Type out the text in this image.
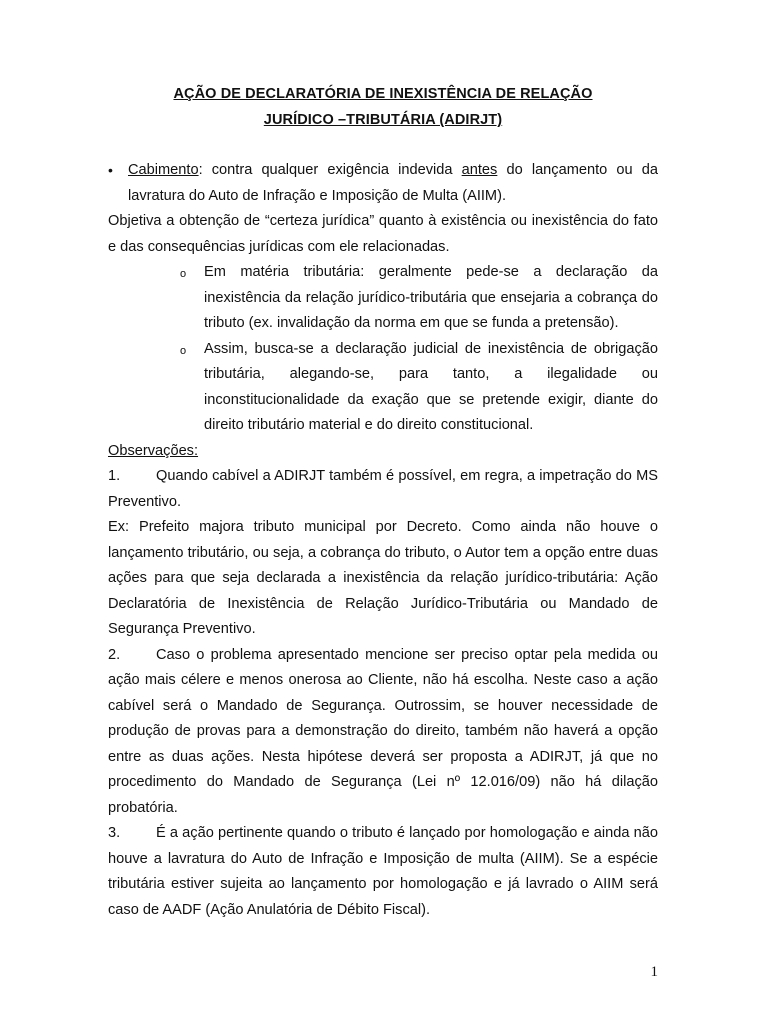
AÇÃO DE DECLARATÓRIA DE INEXISTÊNCIA DE RELAÇÃO
JURÍDICO –TRIBUTÁRIA (ADIRJT)

• Cabimento: contra qualquer exigência indevida antes do lançamento ou da lavratura do Auto de Infração e Imposição de Multa (AIIM).

Objetiva a obtenção de “certeza jurídica” quanto à existência ou inexistência do fato e das consequências jurídicas com ele relacionadas.

o Em matéria tributária: geralmente pede-se a declaração da inexistência da relação jurídico-tributária que ensejaria a cobrança do tributo (ex. invalidação da norma em que se funda a pretensão).

o Assim, busca-se a declaração judicial de inexistência de obrigação tributária, alegando-se, para tanto, a ilegalidade ou inconstitucionalidade da exação que se pretende exigir, diante do direito tributário material e do direito constitucional.

Observações:

1. Quando cabível a ADIRJT também é possível, em regra, a impetração do MS Preventivo.

Ex: Prefeito majora tributo municipal por Decreto. Como ainda não houve o lançamento tributário, ou seja, a cobrança do tributo, o Autor tem a opção entre duas ações para que seja declarada a inexistência da relação jurídico-tributária: Ação Declaratória de Inexistência de Relação Jurídico-Tributária ou Mandado de Segurança Preventivo.

2. Caso o problema apresentado mencione ser preciso optar pela medida ou ação mais célere e menos onerosa ao Cliente, não há escolha. Neste caso a ação cabível será o Mandado de Segurança. Outrossim, se houver necessidade de produção de provas para a demonstração do direito, também não haverá a opção entre as duas ações. Nesta hipótese deverá ser proposta a ADIRJT, já que no procedimento do Mandado de Segurança (Lei nº 12.016/09) não há dilação probatória.

3. É a ação pertinente quando o tributo é lançado por homologação e ainda não houve a lavratura do Auto de Infração e Imposição de multa (AIIM). Se a espécie tributária estiver sujeita ao lançamento por homologação e já lavrado o AIIM será caso de AADF (Ação Anulatória de Débito Fiscal).

1
